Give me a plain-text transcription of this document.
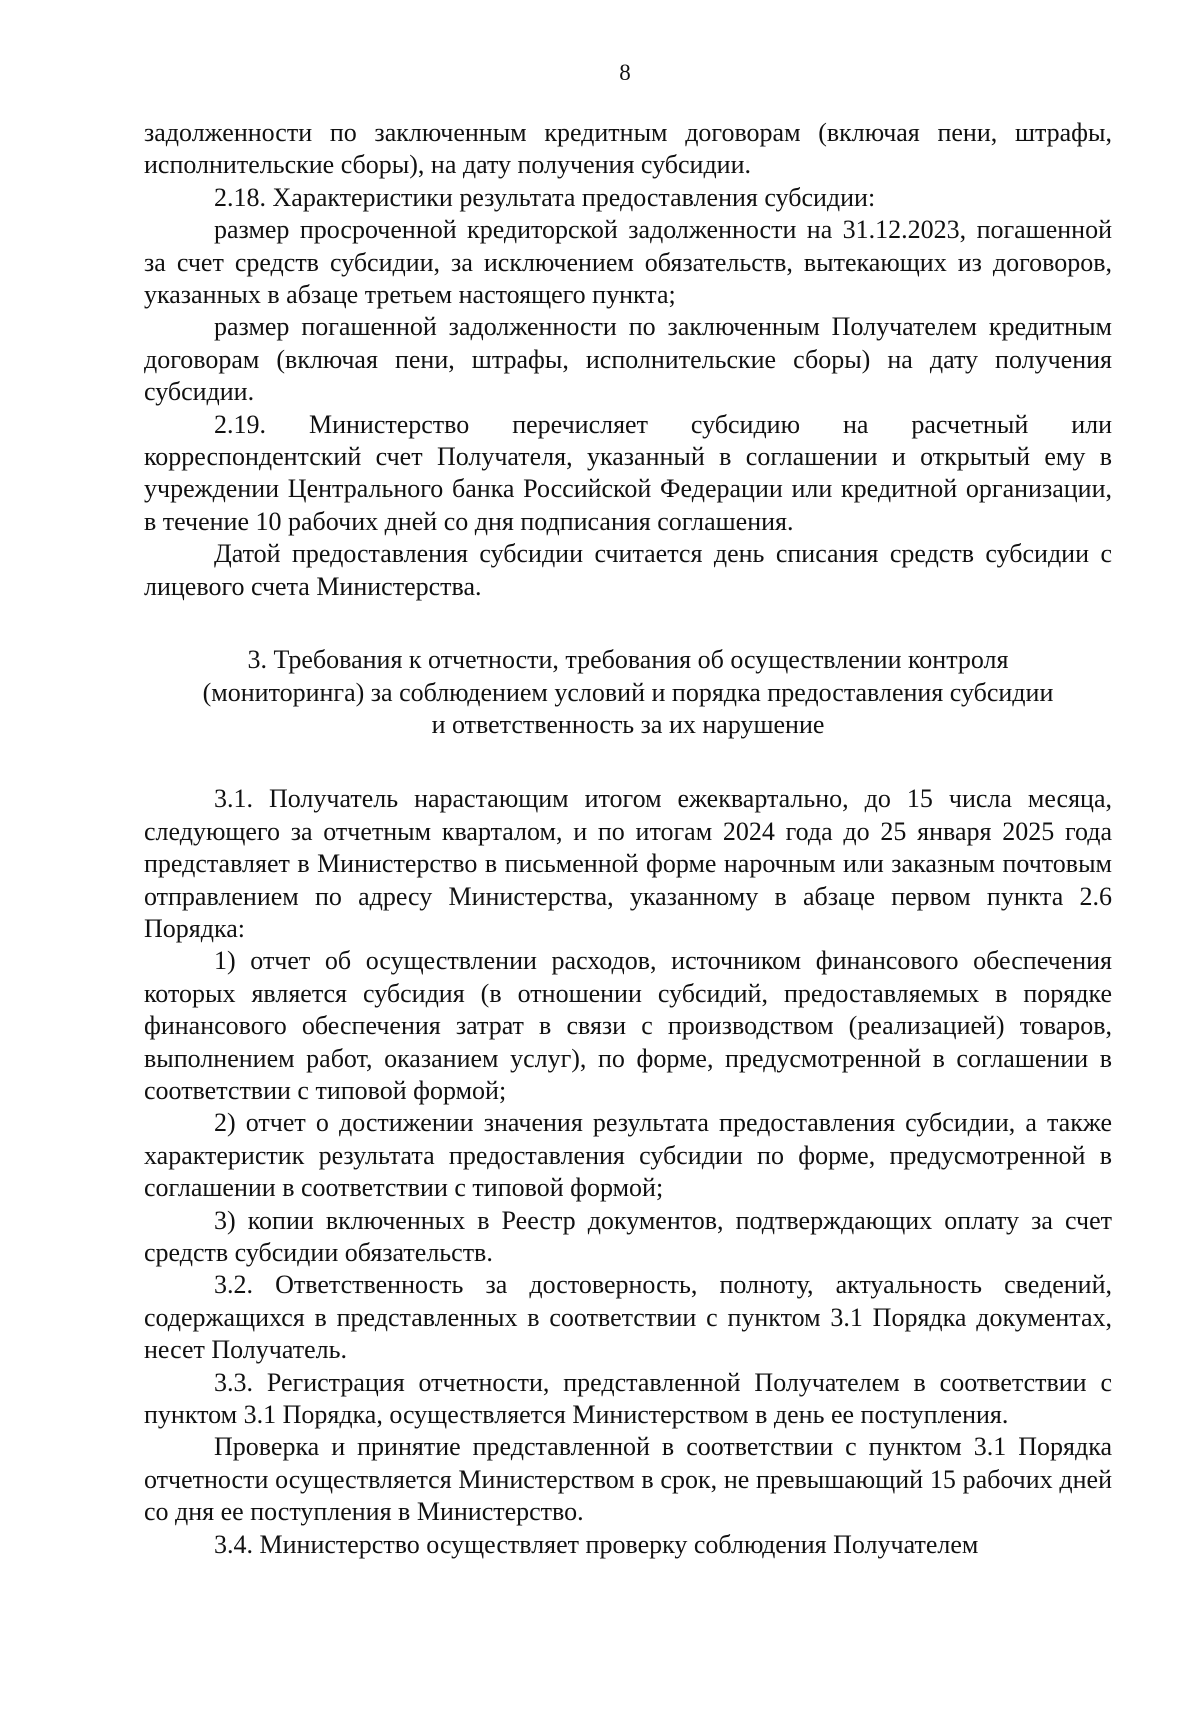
8

задолженности по заключенным кредитным договорам (включая пени, штрафы, исполнительские сборы), на дату получения субсидии.

2.18. Характеристики результата предоставления субсидии:

размер просроченной кредиторской задолженности на 31.12.2023, погашенной за счет средств субсидии, за исключением обязательств, вытекающих из договоров, указанных в абзаце третьем настоящего пункта;

размер погашенной задолженности по заключенным Получателем кредитным договорам (включая пени, штрафы, исполнительские сборы) на дату получения субсидии.

2.19. Министерство перечисляет субсидию на расчетный или корреспондентский счет Получателя, указанный в соглашении и открытый ему в учреждении Центрального банка Российской Федерации или кредитной организации, в течение 10 рабочих дней со дня подписания соглашения.

Датой предоставления субсидии считается день списания средств субсидии с лицевого счета Министерства.

3. Требования к отчетности, требования об осуществлении контроля
(мониторинга) за соблюдением условий и порядка предоставления субсидии
и ответственность за их нарушение

3.1. Получатель нарастающим итогом ежеквартально, до 15 числа месяца, следующего за отчетным кварталом, и по итогам 2024 года до 25 января 2025 года представляет в Министерство в письменной форме нарочным или заказным почтовым отправлением по адресу Министерства, указанному в абзаце первом пункта 2.6 Порядка:

1) отчет об осуществлении расходов, источником финансового обеспечения которых является субсидия (в отношении субсидий, предоставляемых в порядке финансового обеспечения затрат в связи с производством (реализацией) товаров, выполнением работ, оказанием услуг), по форме, предусмотренной в соглашении в соответствии с типовой формой;

2) отчет о достижении значения результата предоставления субсидии, а также характеристик результата предоставления субсидии по форме, предусмотренной в соглашении в соответствии с типовой формой;

3) копии включенных в Реестр документов, подтверждающих оплату за счет средств субсидии обязательств.

3.2. Ответственность за достоверность, полноту, актуальность сведений, содержащихся в представленных в соответствии с пунктом 3.1 Порядка документах, несет Получатель.

3.3. Регистрация отчетности, представленной Получателем в соответствии с пунктом 3.1 Порядка, осуществляется Министерством в день ее поступления.

Проверка и принятие представленной в соответствии с пунктом 3.1 Порядка отчетности осуществляется Министерством в срок, не превышающий 15 рабочих дней со дня ее поступления в Министерство.

3.4. Министерство осуществляет проверку соблюдения Получателем
